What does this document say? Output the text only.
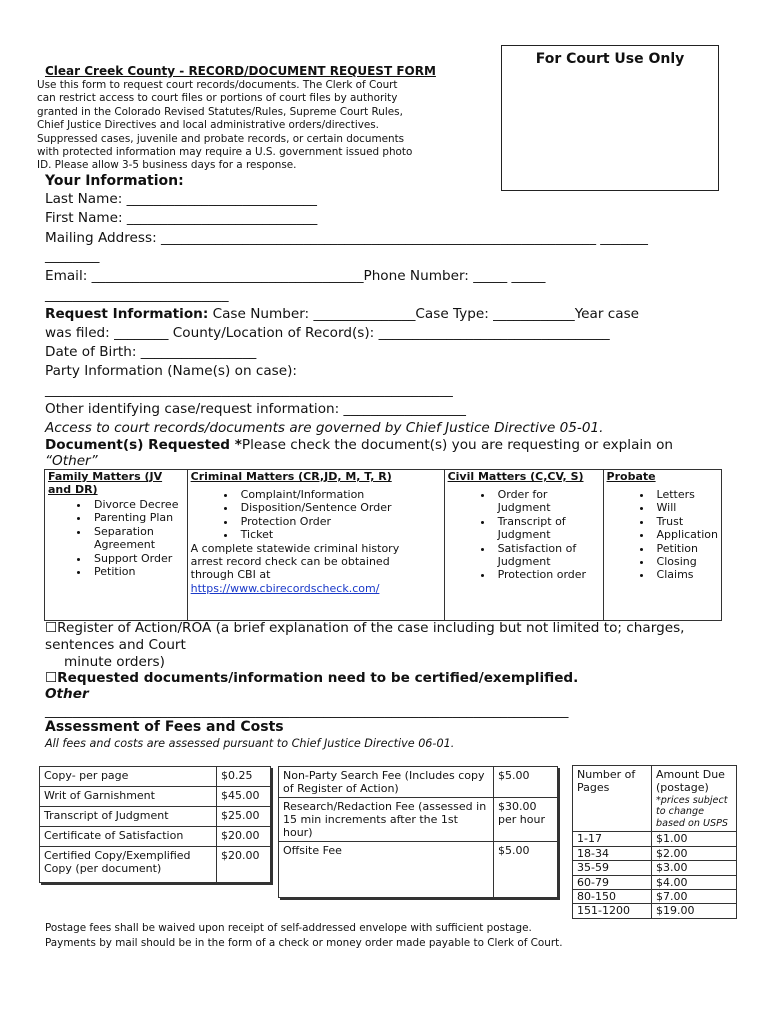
For Court Use Only
Clear Creek County - RECORD/DOCUMENT REQUEST FORM
Use this form to request court records/documents. The Clerk of Court
can restrict access to court files or portions of court files by authority
granted in the Colorado Revised Statutes/Rules, Supreme Court Rules,
Chief Justice Directives and local administrative orders/directives.
Suppressed cases, juvenile and probate records, or certain documents
with protected information may require a U.S. government issued photo
ID. Please allow 3-5 business days for a response.
Your Information:
Last Name: ____________________________
First Name: ____________________________
Mailing Address: ________________________________________________________________ _______
________
Email: ________________________________________Phone Number: _____ _____
___________________________
Request Information: Case Number: _______________Case Type: ____________Year case
was filed: ________ County/Location of Record(s): __________________________________
Date of Birth: _________________
Party Information (Name(s) on case):
____________________________________________________________
Other identifying case/request information: __________________
Access to court records/documents are governed by Chief Justice Directive 05-01.
Document(s) Requested *Please check the document(s) you are requesting or explain on
“Other”
Family Matters (JV and DR)
• Divorce Decree
• Parenting Plan
• Separation Agreement
• Support Order
• Petition

Criminal Matters (CR,JD, M, T, R)
• Complaint/Information
• Disposition/Sentence Order
• Protection Order
• Ticket
A complete statewide criminal history arrest record check can be obtained through CBI at
https://www.cbirecordscheck.com/

Civil Matters (C,CV, S)
• Order for Judgment
• Transcript of Judgment
• Satisfaction of Judgment
• Protection order

Probate
• Letters
• Will
• Trust
• Application
• Petition
• Closing
• Claims
☐Register of Action/ROA (a brief explanation of the case including but not limited to; charges,
sentences and Court
minute orders)
☐Requested documents/information need to be certified/exemplified.
Other
_____________________________________________________________________________
Assessment of Fees and Costs
All fees and costs are assessed pursuant to Chief Justice Directive 06-01.
Copy- per page	$0.25
Writ of Garnishment	$45.00
Transcript of Judgment	$25.00
Certificate of Satisfaction	$20.00
Certified Copy/Exemplified Copy (per document)	$20.00
Non-Party Search Fee (Includes copy of Register of Action)	$5.00
Research/Redaction Fee (assessed in 15 min increments after the 1st hour)	$30.00 per hour
Offsite Fee	$5.00
Number of Pages	Amount Due (postage)
*prices subject to change based on USPS

1-17	$1.00
18-34	$2.00
35-59	$3.00
60-79	$4.00
80-150	$7.00
151-1200	$19.00
Postage fees shall be waived upon receipt of self-addressed envelope with sufficient postage.
Payments by mail should be in the form of a check or money order made payable to Clerk of Court.
